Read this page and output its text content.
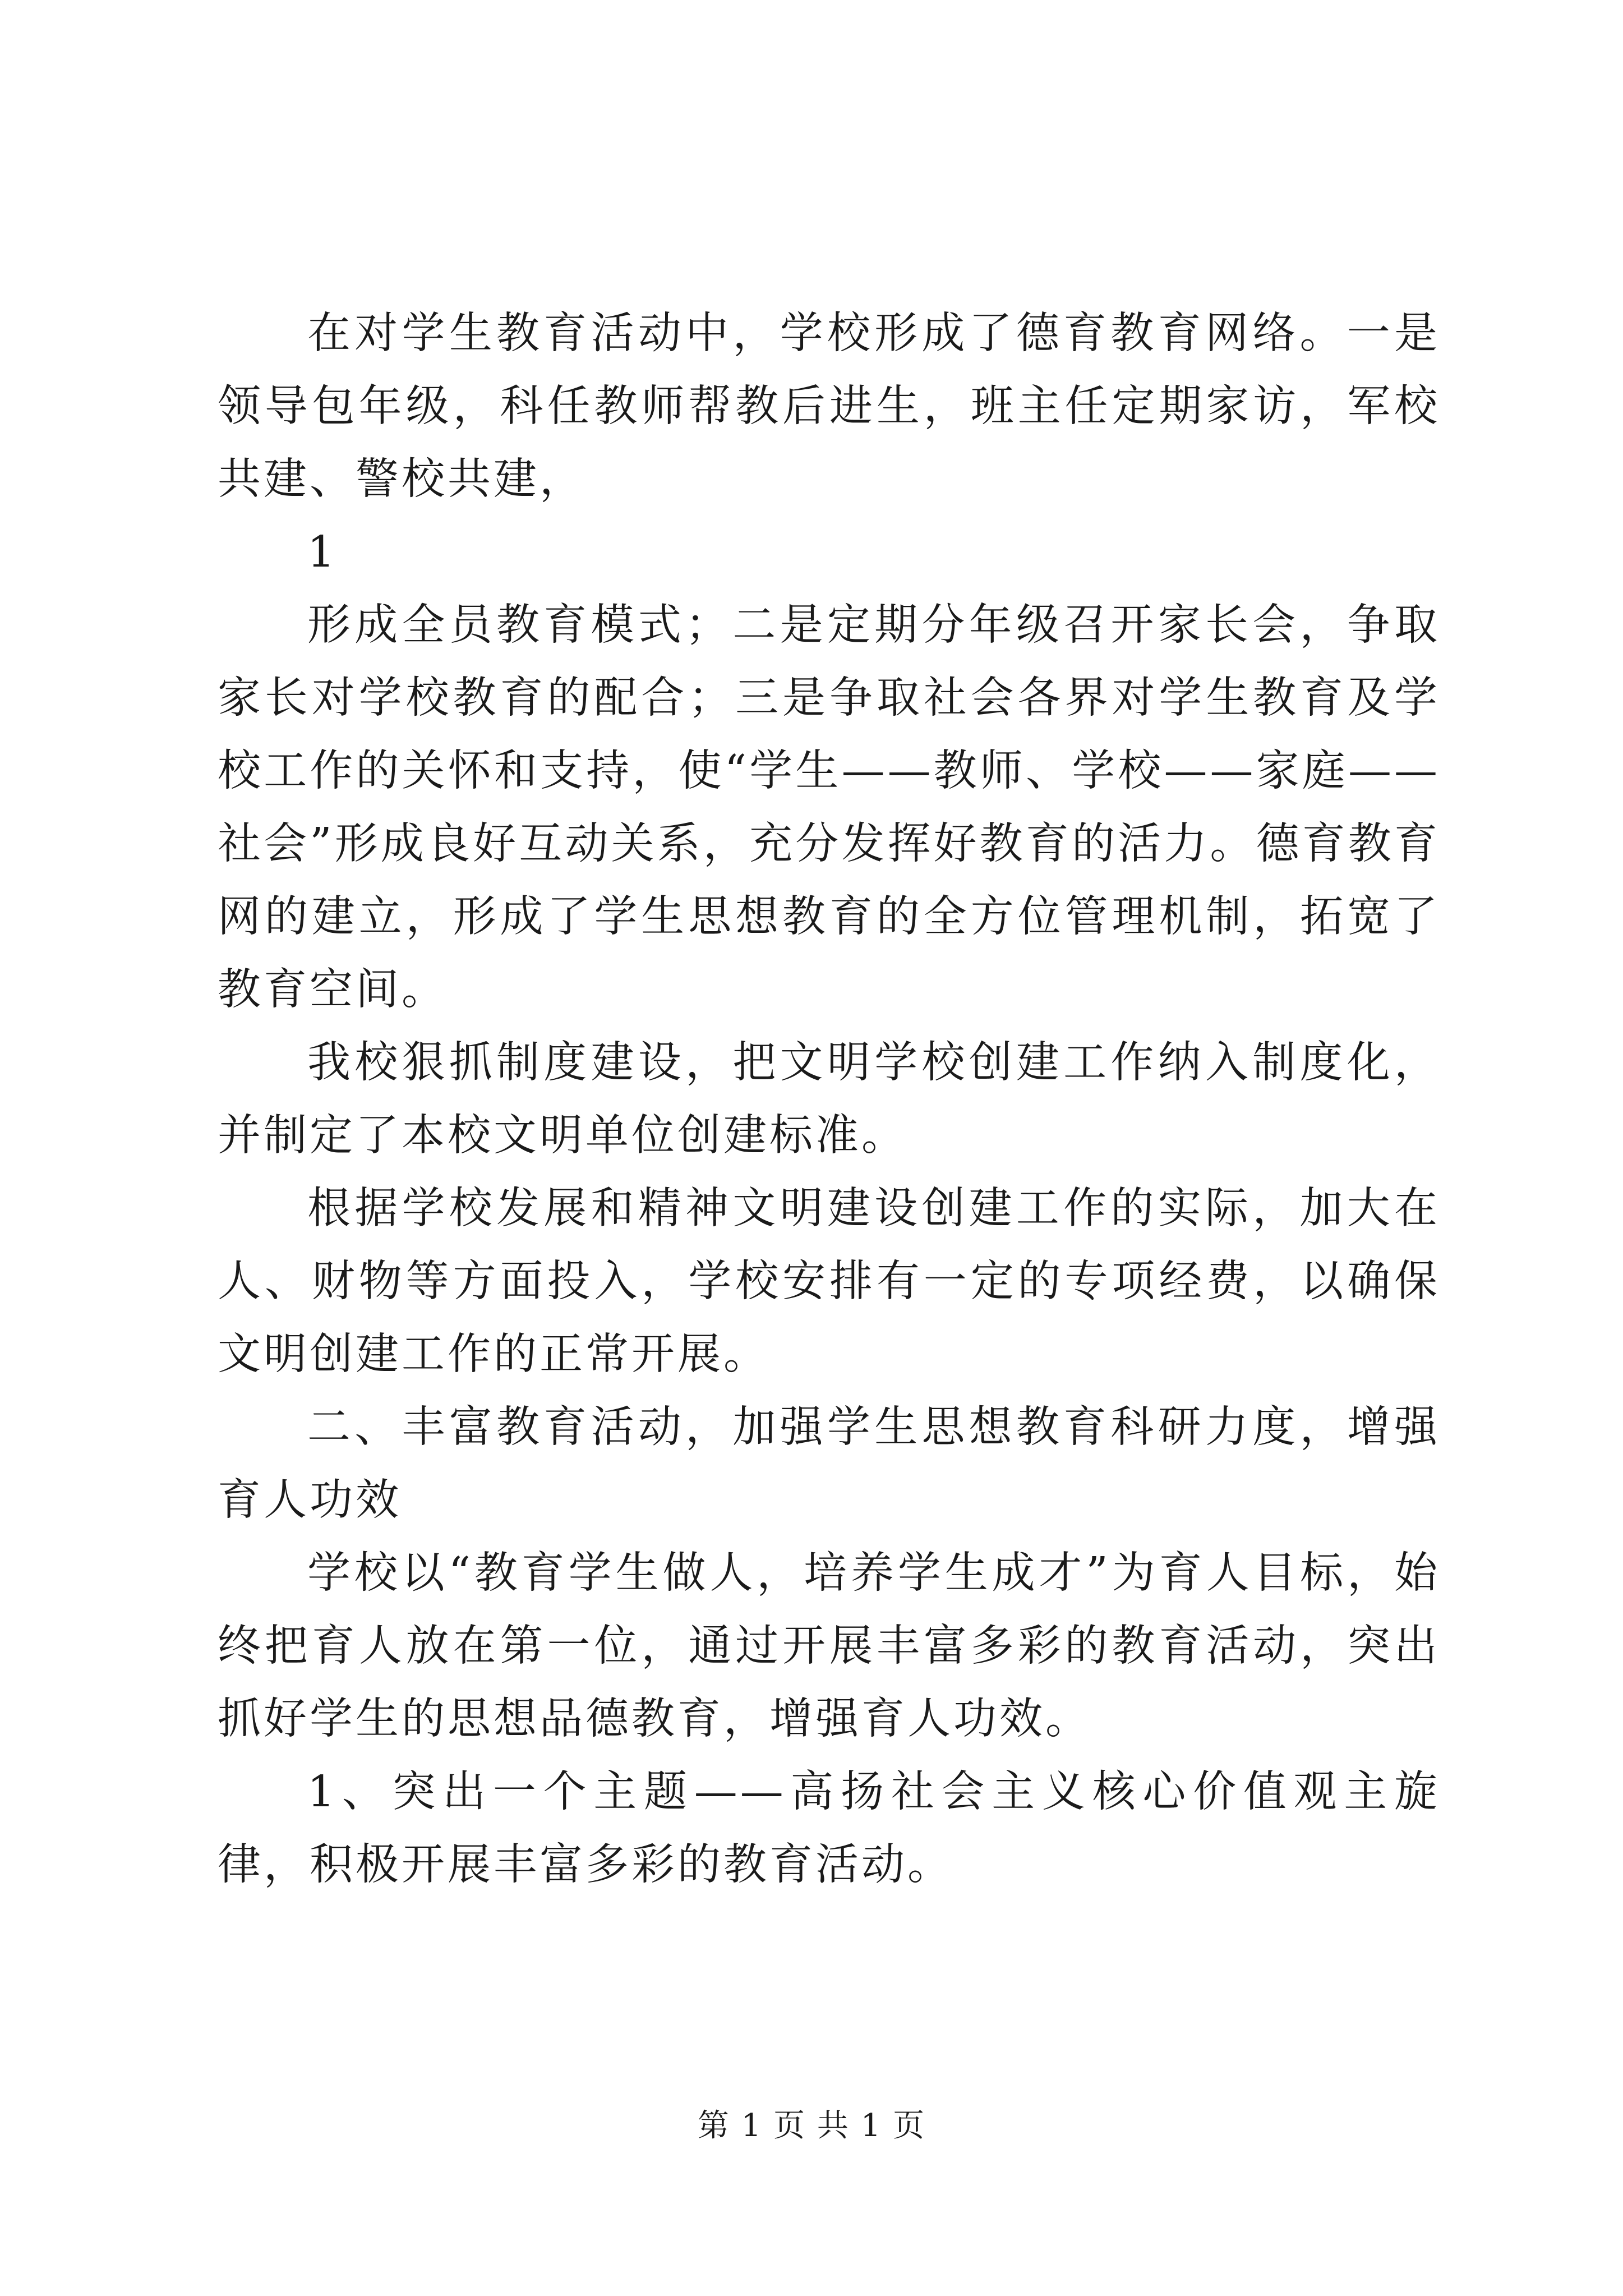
在对学生教育活动中，学校形成了德育教育网络。一是领导包年级，科任教师帮教后进生，班主任定期家访，军校共建、警校共建，

1

形成全员教育模式；二是定期分年级召开家长会，争取家长对学校教育的配合；三是争取社会各界对学生教育及学校工作的关怀和支持，使“学生——教师、学校——家庭——社会”形成良好互动关系，充分发挥好教育的活力。德育教育网的建立，形成了学生思想教育的全方位管理机制，拓宽了教育空间。

我校狠抓制度建设，把文明学校创建工作纳入制度化，并制定了本校文明单位创建标准。

根据学校发展和精神文明建设创建工作的实际，加大在人、财物等方面投入，学校安排有一定的专项经费，以确保文明创建工作的正常开展。

二、丰富教育活动，加强学生思想教育科研力度，增强育人功效

学校以“教育学生做人，培养学生成才”为育人目标，始终把育人放在第一位，通过开展丰富多彩的教育活动，突出抓好学生的思想品德教育，增强育人功效。

1、突出一个主题——高扬社会主义核心价值观主旋律，积极开展丰富多彩的教育活动。

第 1 页 共 1 页
